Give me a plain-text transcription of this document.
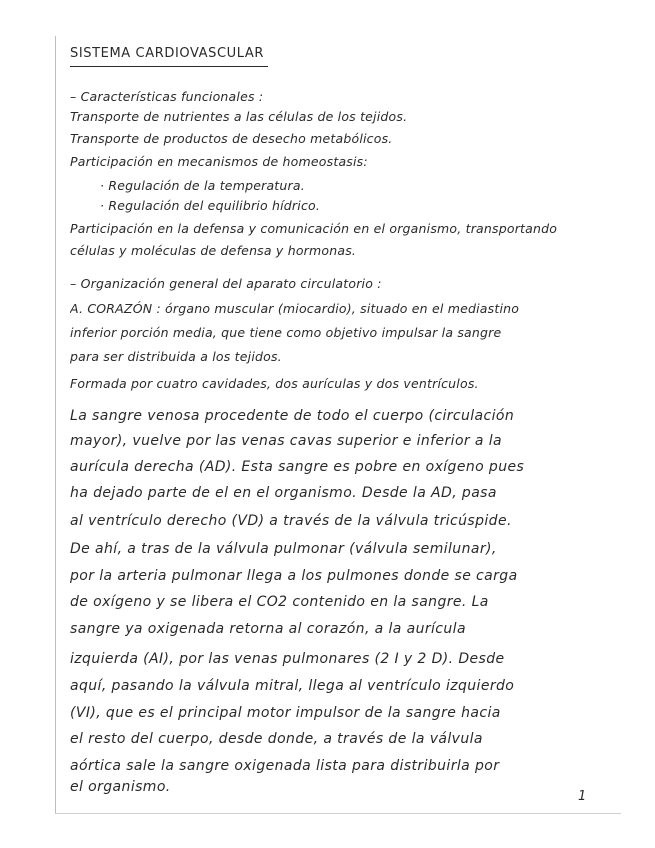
SISTEMA CARDIOVASCULAR
– Características funcionales :
Transporte de nutrientes a las células de los tejidos.
Transporte de productos de desecho metabólicos.
Participación en mecanismos de homeostasis:
· Regulación de la temperatura.
· Regulación del equilibrio hídrico.
Participación en la defensa y comunicación en el organismo, transportando
células y moléculas de defensa y hormonas.
– Organización general del aparato circulatorio :
A. CORAZÓN : órgano muscular (miocardio), situado en el mediastino
inferior porción media, que tiene como objetivo impulsar la sangre
para ser distribuida a los tejidos.
Formada por cuatro cavidades, dos aurículas y dos ventrículos.
La sangre venosa procedente de todo el cuerpo (circulación
mayor), vuelve por las venas cavas superior e inferior a la
aurícula derecha (AD). Esta sangre es pobre en oxígeno pues
ha dejado parte de el en el organismo. Desde la AD, pasa
al ventrículo derecho (VD) a través de la válvula tricúspide.
De ahí, a tras de la válvula pulmonar (válvula semilunar),
por la arteria pulmonar llega a los pulmones donde se carga
de oxígeno y se libera el CO2 contenido en la sangre. La
sangre ya oxigenada retorna al corazón, a la aurícula
izquierda (AI), por las venas pulmonares (2 I y 2 D). Desde
aquí, pasando la válvula mitral, llega al ventrículo izquierdo
(VI), que es el principal motor impulsor de la sangre hacia
el resto del cuerpo, desde donde, a través de la válvula
aórtica sale la sangre oxigenada lista para distribuirla por
el organismo.
1
